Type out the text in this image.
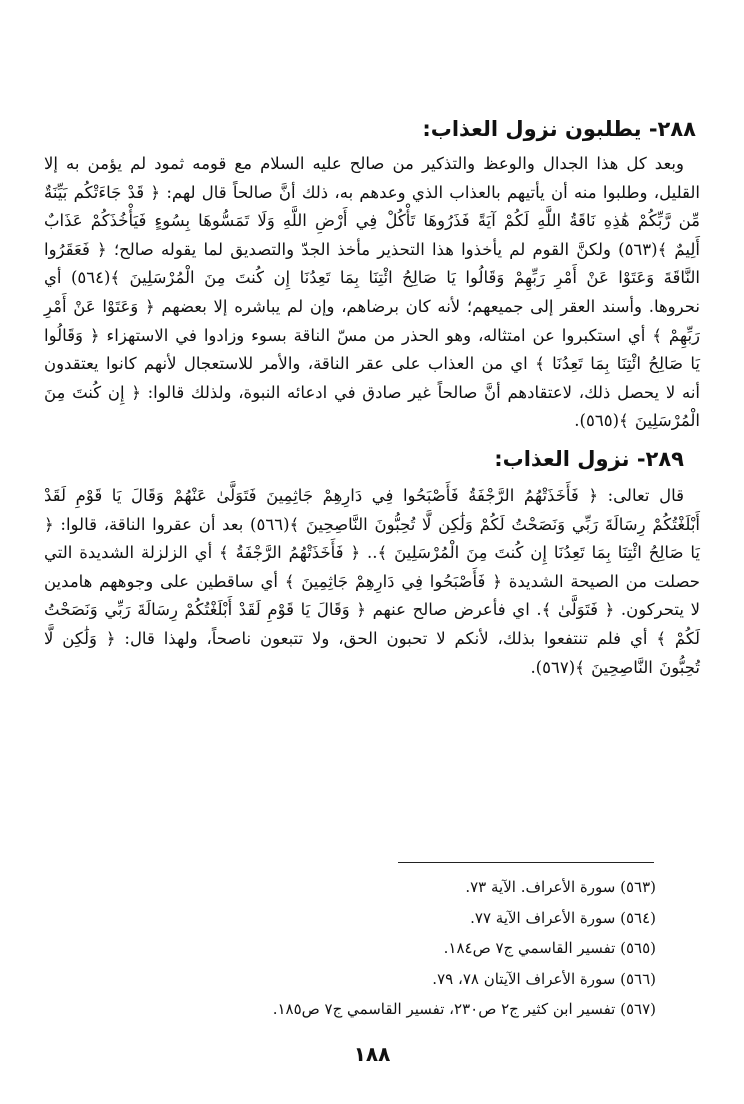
٢٨٨- يطلبون نزول العذاب:

وبعد كل هذا الجدال والوعظ والتذكير من صالح عليه السلام مع قومه ثمود لم يؤمن به إلا القليل، وطلبوا منه أن يأتيهم بالعذاب الذي وعدهم به، ذلك أنَّ صالحاً قال لهم: ﴿ قَدْ جَاءَتْكُم بَيِّنَةٌ مِّن رَّبِّكُمْ هَٰذِهِ نَاقَةُ اللَّهِ لَكُمْ آيَةً فَذَرُوهَا تَأْكُلْ فِي أَرْضِ اللَّهِ وَلَا تَمَسُّوهَا بِسُوءٍ فَيَأْخُذَكُمْ عَذَابٌ أَلِيمٌ ﴾(٥٦٣) ولكنَّ القوم لم يأخذوا هذا التحذير مأخذ الجدّ والتصديق لما يقوله صالح؛ ﴿ فَعَقَرُوا النَّاقَةَ وَعَتَوْا عَنْ أَمْرِ رَبِّهِمْ وَقَالُوا يَا صَالِحُ ائْتِنَا بِمَا تَعِدُنَا إِن كُنتَ مِنَ الْمُرْسَلِينَ ﴾(٥٦٤) أي نحروها. وأسند العقر إلى جميعهم؛ لأنه كان برضاهم، وإن لم يباشره إلا بعضهم ﴿ وَعَتَوْا عَنْ أَمْرِ رَبِّهِمْ ﴾ أي استكبروا عن امتثاله، وهو الحذر من مسّ الناقة بسوء وزادوا في الاستهزاء ﴿ وَقَالُوا يَا صَالِحُ ائْتِنَا بِمَا تَعِدُنَا ﴾ اي من العذاب على عقر الناقة، والأمر للاستعجال لأنهم كانوا يعتقدون أنه لا يحصل ذلك، لاعتقادهم أنَّ صالحاً غير صادق في ادعائه النبوة، ولذلك قالوا: ﴿ إِن كُنتَ مِنَ الْمُرْسَلِينَ ﴾(٥٦٥).

٢٨٩- نزول العذاب:

قال تعالى: ﴿ فَأَخَذَتْهُمُ الرَّجْفَةُ فَأَصْبَحُوا فِي دَارِهِمْ جَاثِمِينَ فَتَوَلَّىٰ عَنْهُمْ وَقَالَ يَا قَوْمِ لَقَدْ أَبْلَغْتُكُمْ رِسَالَةَ رَبِّي وَنَصَحْتُ لَكُمْ وَلَٰكِن لَّا تُحِبُّونَ النَّاصِحِينَ ﴾(٥٦٦) بعد أن عقروا الناقة، قالوا: ﴿ يَا صَالِحُ ائْتِنَا بِمَا تَعِدُنَا إِن كُنتَ مِنَ الْمُرْسَلِينَ ﴾.. ﴿ فَأَخَذَتْهُمُ الرَّجْفَةُ ﴾ أي الزلزلة الشديدة التي حصلت من الصيحة الشديدة ﴿ فَأَصْبَحُوا فِي دَارِهِمْ جَاثِمِينَ ﴾ أي ساقطين على وجوههم هامدين لا يتحركون. ﴿ فَتَوَلَّىٰ ﴾. اي فأعرض صالح عنهم ﴿ وَقَالَ يَا قَوْمِ لَقَدْ أَبْلَغْتُكُمْ رِسَالَةَ رَبِّي وَنَصَحْتُ لَكُمْ ﴾ أي فلم تنتفعوا بذلك، لأنكم لا تحبون الحق، ولا تتبعون ناصحاً، ولهذا قال: ﴿ وَلَٰكِن لَّا تُحِبُّونَ النَّاصِحِينَ ﴾(٥٦٧).

(٥٦٣) سورة الأعراف. الآية ٧٣.
(٥٦٤) سورة الأعراف الآية ٧٧.
(٥٦٥) تفسير القاسمي ج٧ ص١٨٤.
(٥٦٦) سورة الأعراف الآيتان ٧٨، ٧٩.
(٥٦٧) تفسير ابن كثير ج٢ ص٢٣٠، تفسير القاسمي ج٧ ص١٨٥.
١٨٨
